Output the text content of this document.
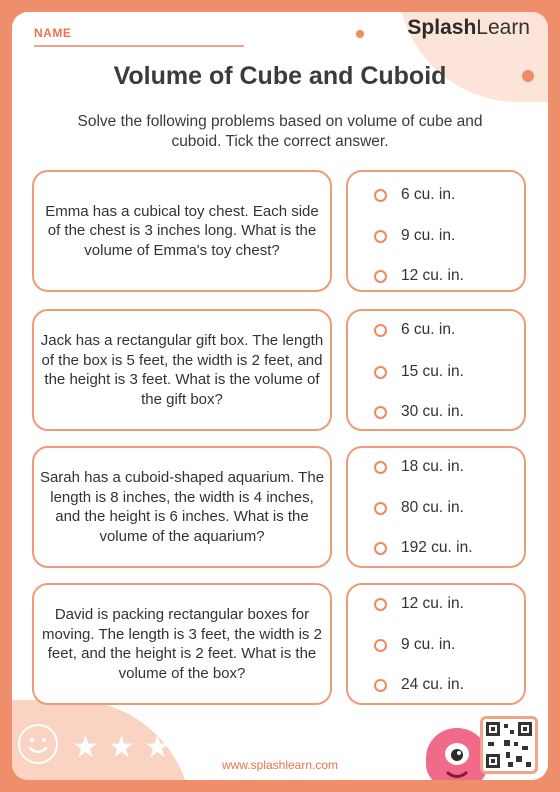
NAME	SplashLearn
Volume of Cube and Cuboid
Solve the following problems based on volume of cube and cuboid. Tick the correct answer.
Emma has a cubical toy chest. Each side of the chest is 3 inches long. What is the volume of Emma's toy chest?
6 cu. in.
9 cu. in.
12 cu. in.
Jack has a rectangular gift box. The length of the box is 5 feet, the width is 2 feet, and the height is 3 feet. What is the volume of the gift box?
6 cu. in.
15 cu. in.
30 cu. in.
Sarah has a cuboid-shaped aquarium. The length is 8 inches, the width is 4 inches, and the height is 6 inches. What is the volume of the aquarium?
18 cu. in.
80 cu. in.
192 cu. in.
David is packing rectangular boxes for moving. The length is 3 feet, the width is 2 feet, and the height is 2 feet. What is the volume of the box?
12 cu. in.
9 cu. in.
24 cu. in.
★ ★ ★
www.splashlearn.com
